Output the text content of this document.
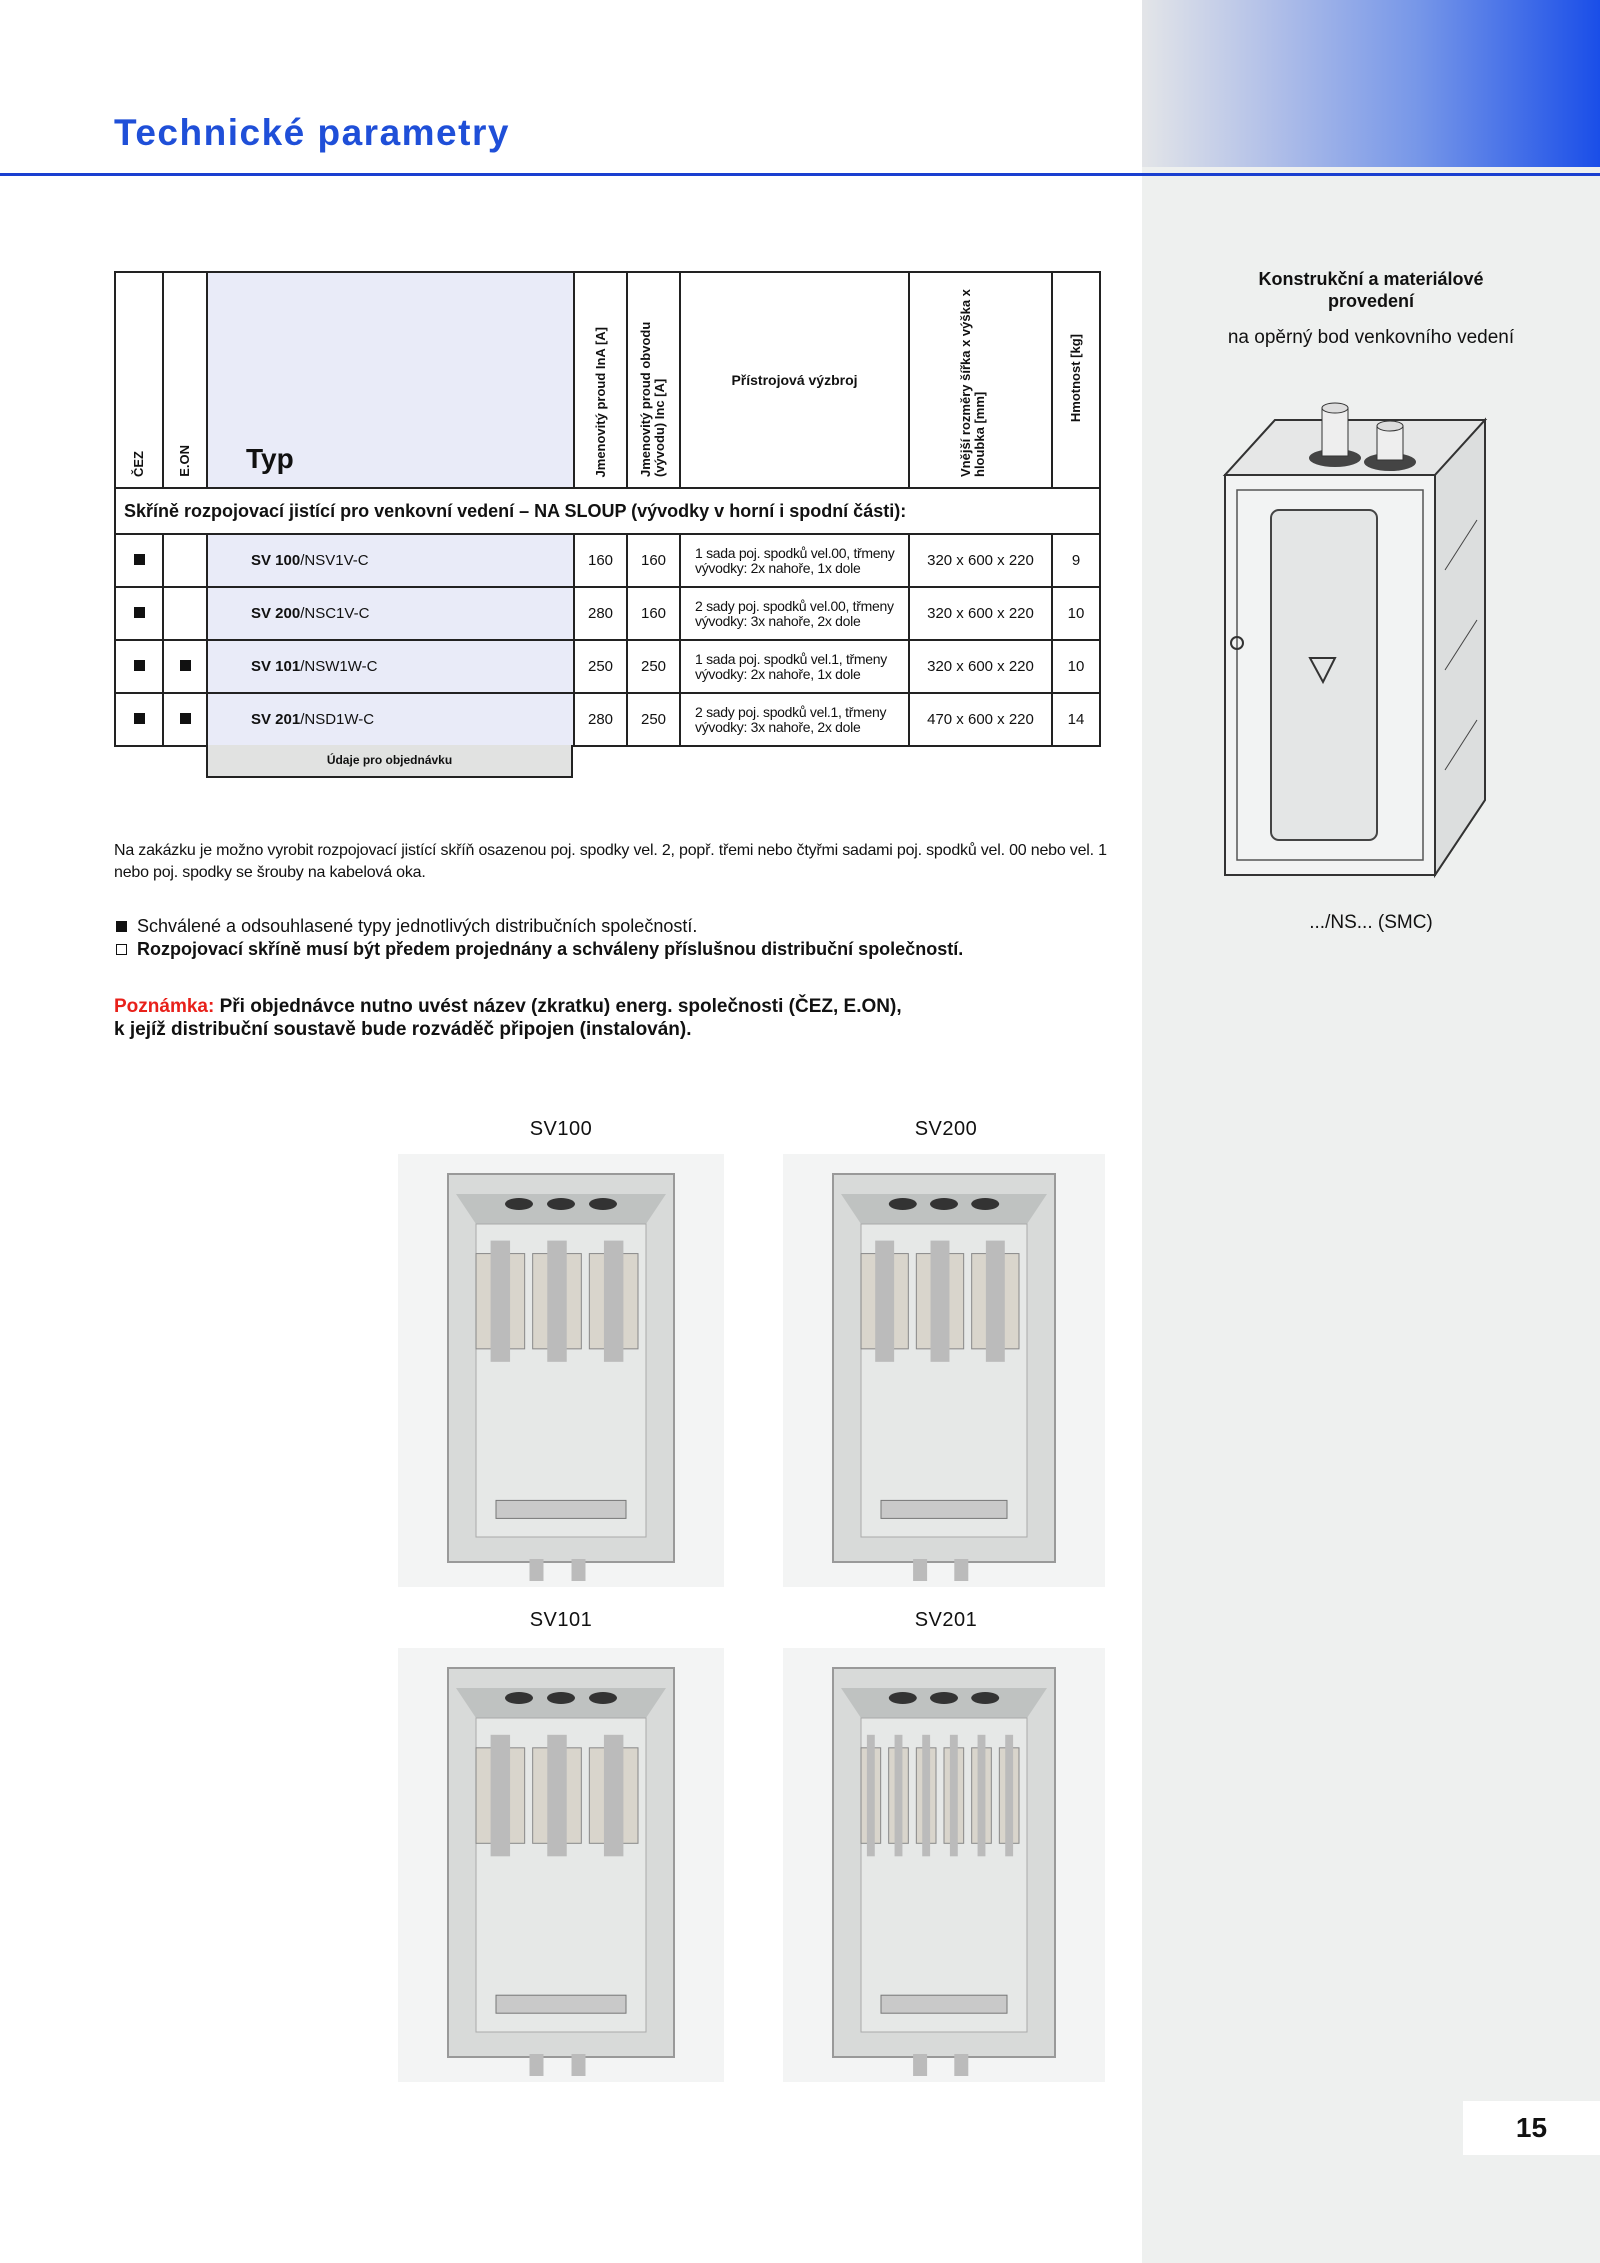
Technické parametry
ČEZ	E.ON	Typ	Jmenovitý proud InA [A]	Jmenovitý proud obvodu (vývodu) Inc [A]	Přístrojová výzbroj	Vnější rozměry šířka x výška x hloubka [mm]	Hmotnost [kg]
Skříně rozpojovací jistící pro venkovní vedení – NA SLOUP (vývodky v horní i spodní části):							
		SV 100/NSV1V-C	160	160	1 sada poj. spodků vel.00, třmeny
vývodky: 2x nahoře, 1x dole	320 x 600 x 220	9
		SV 200/NSC1V-C	280	160	2 sady poj. spodků vel.00, třmeny
vývodky: 3x nahoře, 2x dole	320 x 600 x 220	10
		SV 101/NSW1W-C	250	250	1 sada poj. spodků vel.1, třmeny
vývodky: 2x nahoře, 1x dole	320 x 600 x 220	10
		SV 201/NSD1W-C	280	250	2 sady poj. spodků vel.1, třmeny
vývodky: 3x nahoře, 2x dole	470 x 600 x 220	14
Údaje pro objednávku
Na zakázku je možno vyrobit rozpojovací jistící skříň osazenou poj. spodky vel. 2, popř. třemi nebo čtyřmi sadami poj. spodků vel. 00 nebo vel. 1 nebo poj. spodky se šrouby na kabelová oka.
Schválené a odsouhlasené typy jednotlivých distribučních společností.
Rozpojovací skříně musí být předem projednány a schváleny příslušnou distribuční společností.
Poznámka: Při objednávce nutno uvést název (zkratku) energ. společnosti (ČEZ, E.ON),
k jejíž distribuční soustavě bude rozváděč připojen (instalován).
SV100	SV200
SV101	SV201
Konstrukční a materiálové provedení
na opěrný bod venkovního vedení
.../NS... (SMC)
15
